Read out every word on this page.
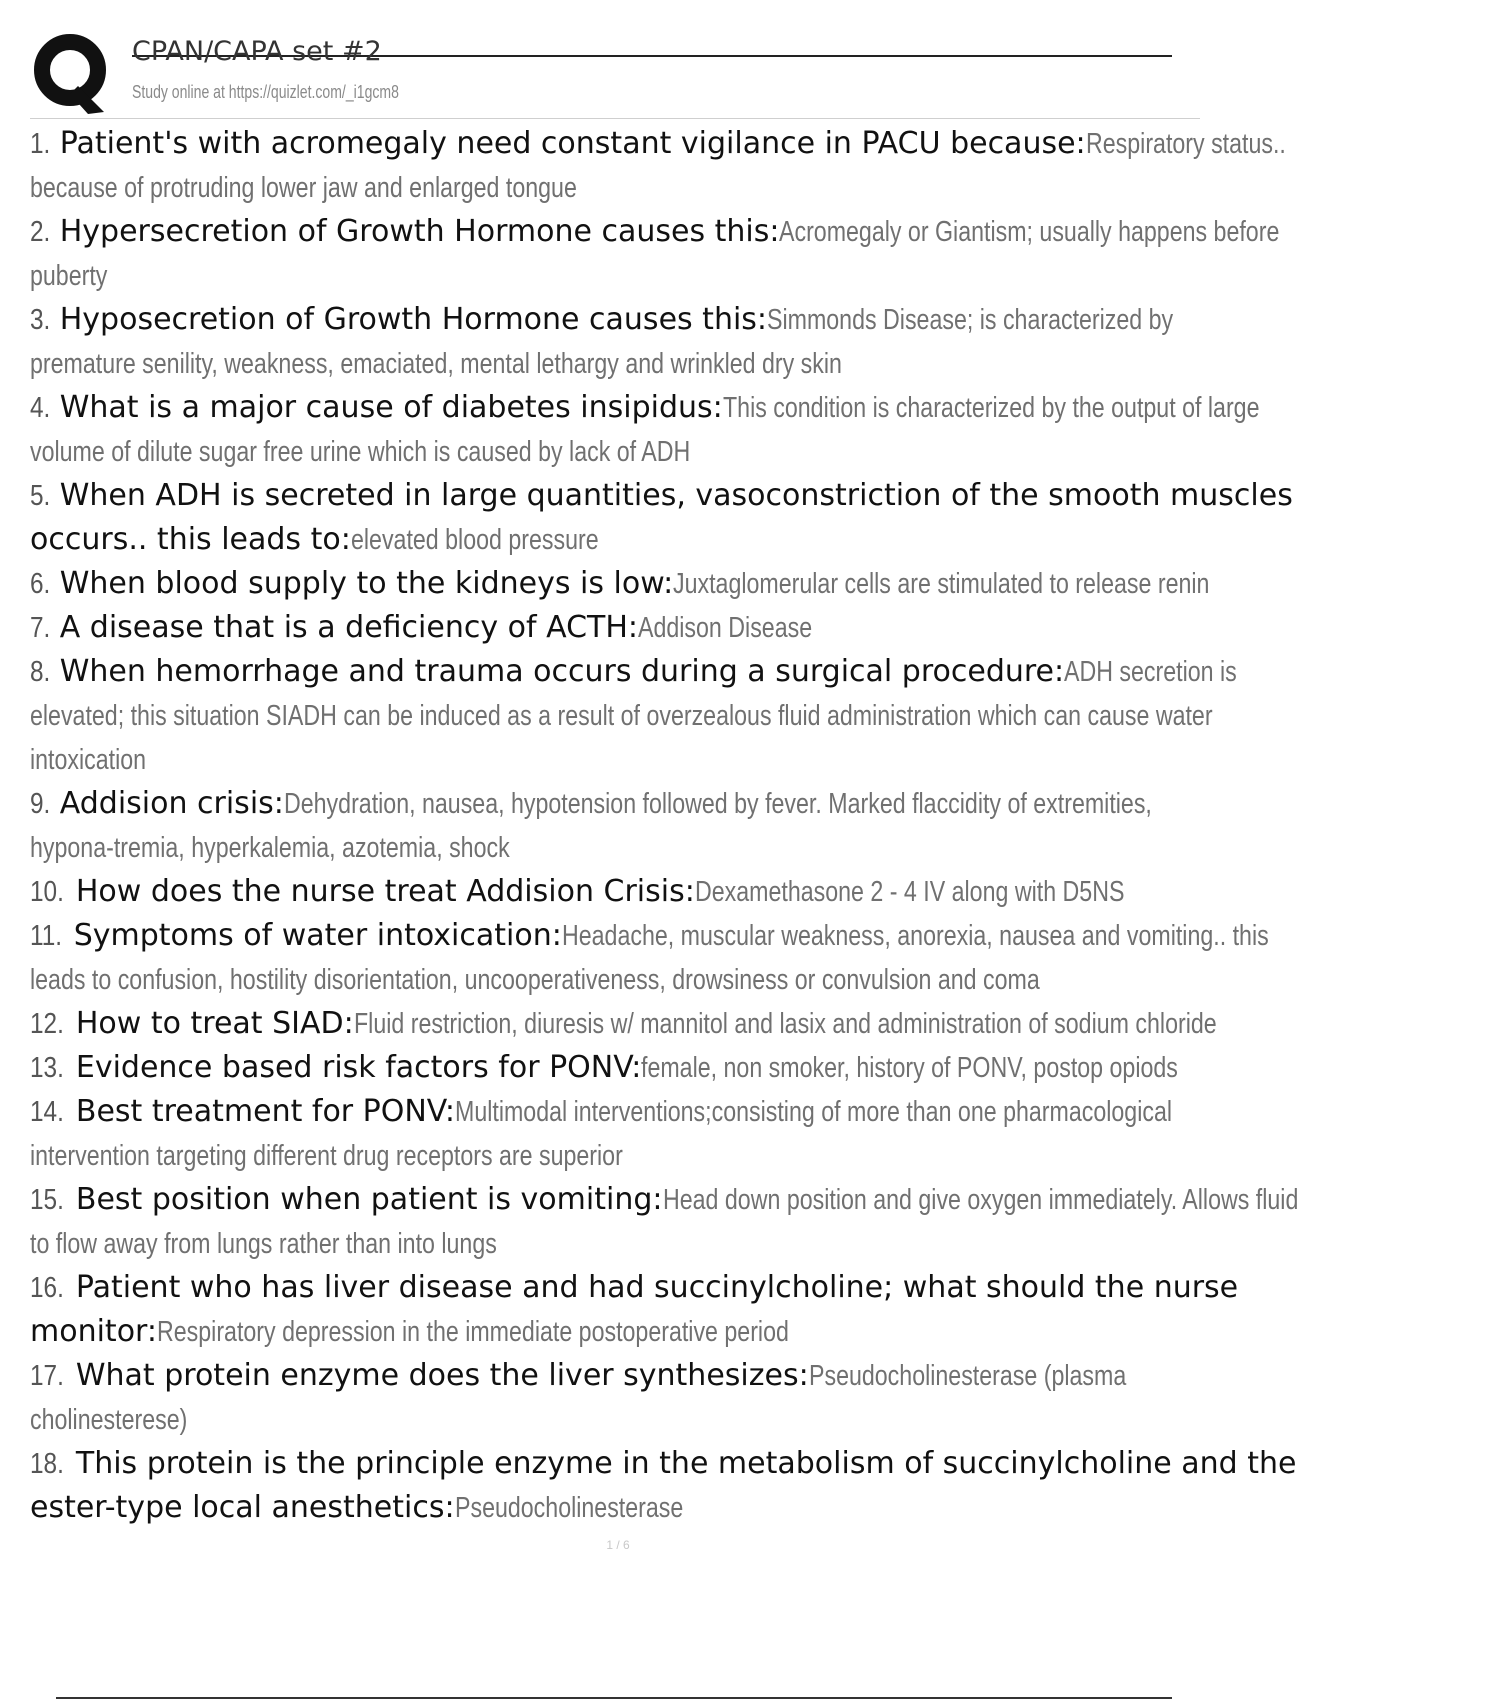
CPAN/CAPA set #2
Study online at https://quizlet.com/_i1gcm8
1. Patient's with acromegaly need constant vigilance in PACU because:Respiratory status..
because of protruding lower jaw and enlarged tongue
2. Hypersecretion of Growth Hormone causes this:Acromegaly or Giantism; usually happens before
puberty
3. Hyposecretion of Growth Hormone causes this:Simmonds Disease; is characterized by
premature senility, weakness, emaciated, mental lethargy and wrinkled dry skin
4. What is a major cause of diabetes insipidus:This condition is characterized by the output of large
volume of dilute sugar free urine which is caused by lack of ADH
5. When ADH is secreted in large quantities, vasoconstriction of the smooth muscles
occurs.. this leads to:elevated blood pressure
6. When blood supply to the kidneys is low:Juxtaglomerular cells are stimulated to release renin
7. A disease that is a deficiency of ACTH:Addison Disease
8. When hemorrhage and trauma occurs during a surgical procedure:ADH secretion is
elevated; this situation SIADH can be induced as a result of overzealous fluid administration which can cause water
intoxication
9. Addision crisis:Dehydration, nausea, hypotension followed by fever. Marked flaccidity of extremities,
hypona-tremia, hyperkalemia, azotemia, shock
10. How does the nurse treat Addision Crisis:Dexamethasone 2 - 4 IV along with D5NS
11. Symptoms of water intoxication:Headache, muscular weakness, anorexia, nausea and vomiting.. this
leads to confusion, hostility disorientation, uncooperativeness, drowsiness or convulsion and coma
12. How to treat SIAD:Fluid restriction, diuresis w/ mannitol and lasix and administration of sodium chloride
13. Evidence based risk factors for PONV:female, non smoker, history of PONV, postop opiods
14. Best treatment for PONV:Multimodal interventions;consisting of more than one pharmacological
intervention targeting different drug receptors are superior
15. Best position when patient is vomiting:Head down position and give oxygen immediately. Allows fluid
to flow away from lungs rather than into lungs
16. Patient who has liver disease and had succinylcholine; what should the nurse
monitor:Respiratory depression in the immediate postoperative period
17. What protein enzyme does the liver synthesizes:Pseudocholinesterase (plasma
cholinesterese)
18. This protein is the principle enzyme in the metabolism of succinylcholine and the
ester-type local anesthetics:Pseudocholinesterase
1 / 6
